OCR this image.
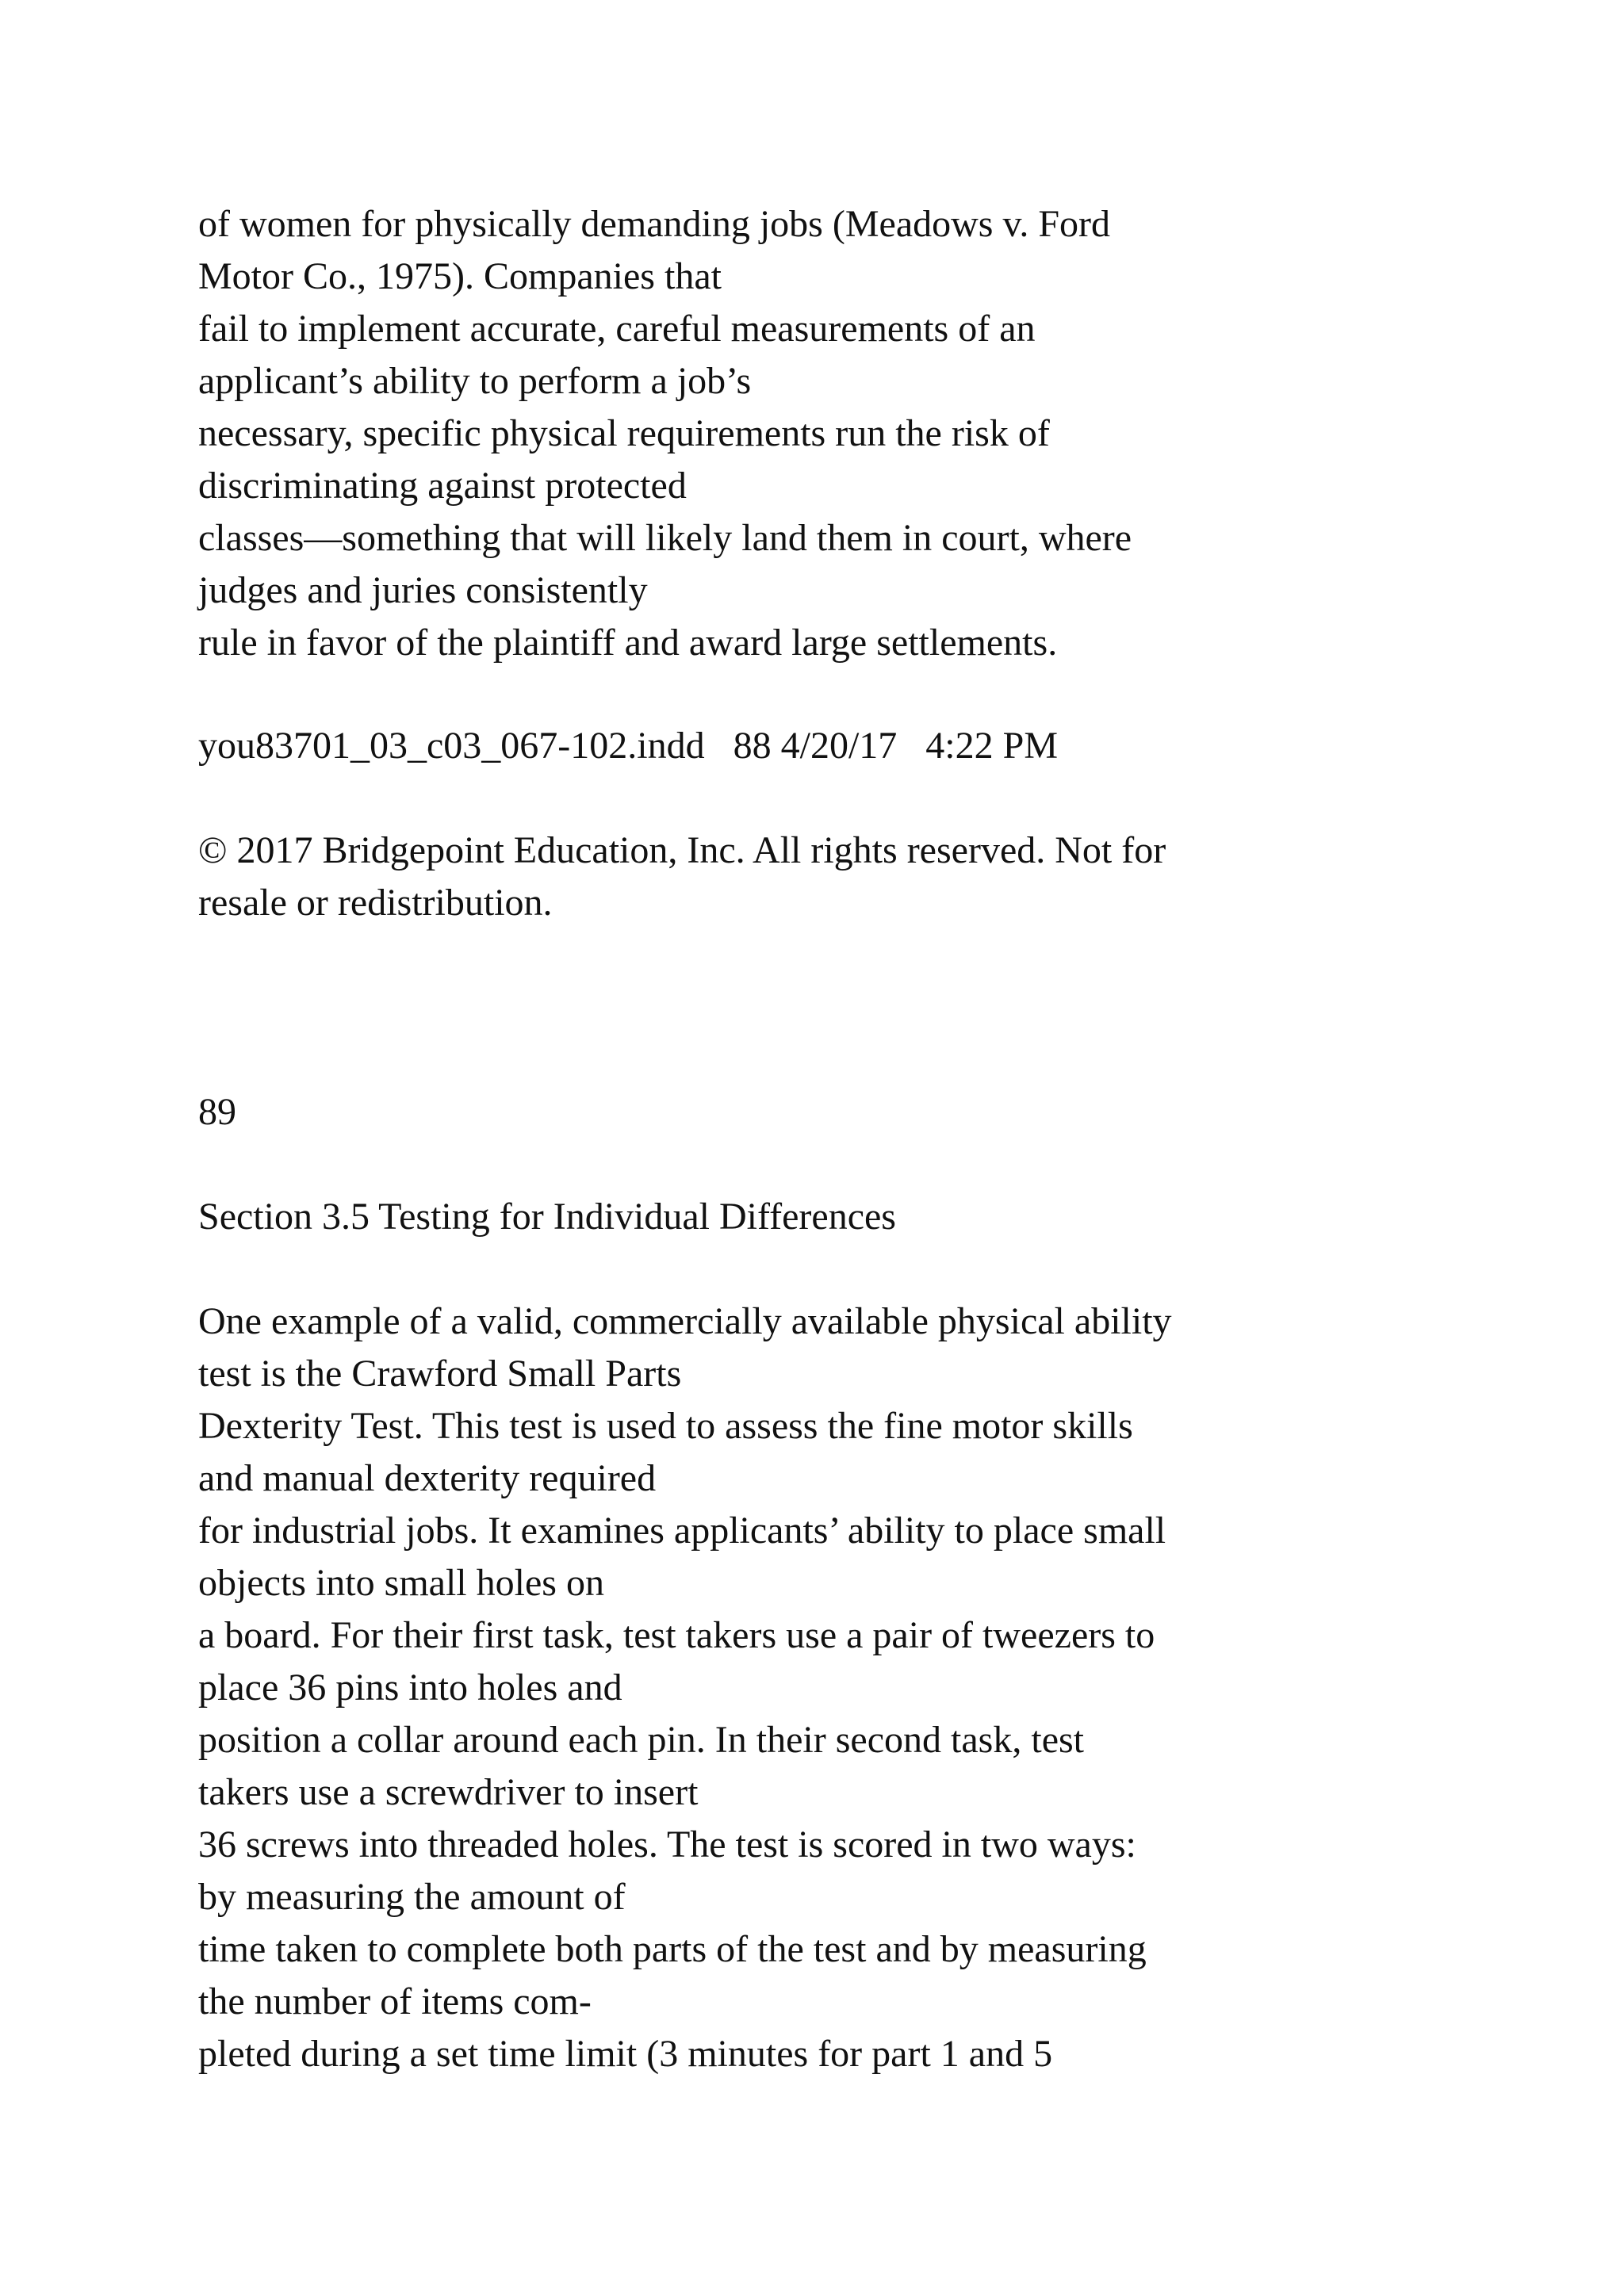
of women for physically demanding jobs (Meadows v. Ford
Motor Co., 1975). Companies that
fail to implement accurate, careful measurements of an
applicant’s ability to perform a job’s
necessary, specific physical requirements run the risk of
discriminating against protected
classes—something that will likely land them in court, where
judges and juries consistently
rule in favor of the plaintiff and award large settlements.
you83701_03_c03_067-102.indd   88 4/20/17   4:22 PM
© 2017 Bridgepoint Education, Inc. All rights reserved. Not for
resale or redistribution.
89
Section 3.5 Testing for Individual Differences
One example of a valid, commercially available physical ability
test is the Crawford Small Parts
Dexterity Test. This test is used to assess the fine motor skills
and manual dexterity required
for industrial jobs. It examines applicants’ ability to place small
objects into small holes on
a board. For their first task, test takers use a pair of tweezers to
place 36 pins into holes and
position a collar around each pin. In their second task, test
takers use a screwdriver to insert
36 screws into threaded holes. The test is scored in two ways:
by measuring the amount of
time taken to complete both parts of the test and by measuring
the number of items com-
pleted during a set time limit (3 minutes for part 1 and 5
